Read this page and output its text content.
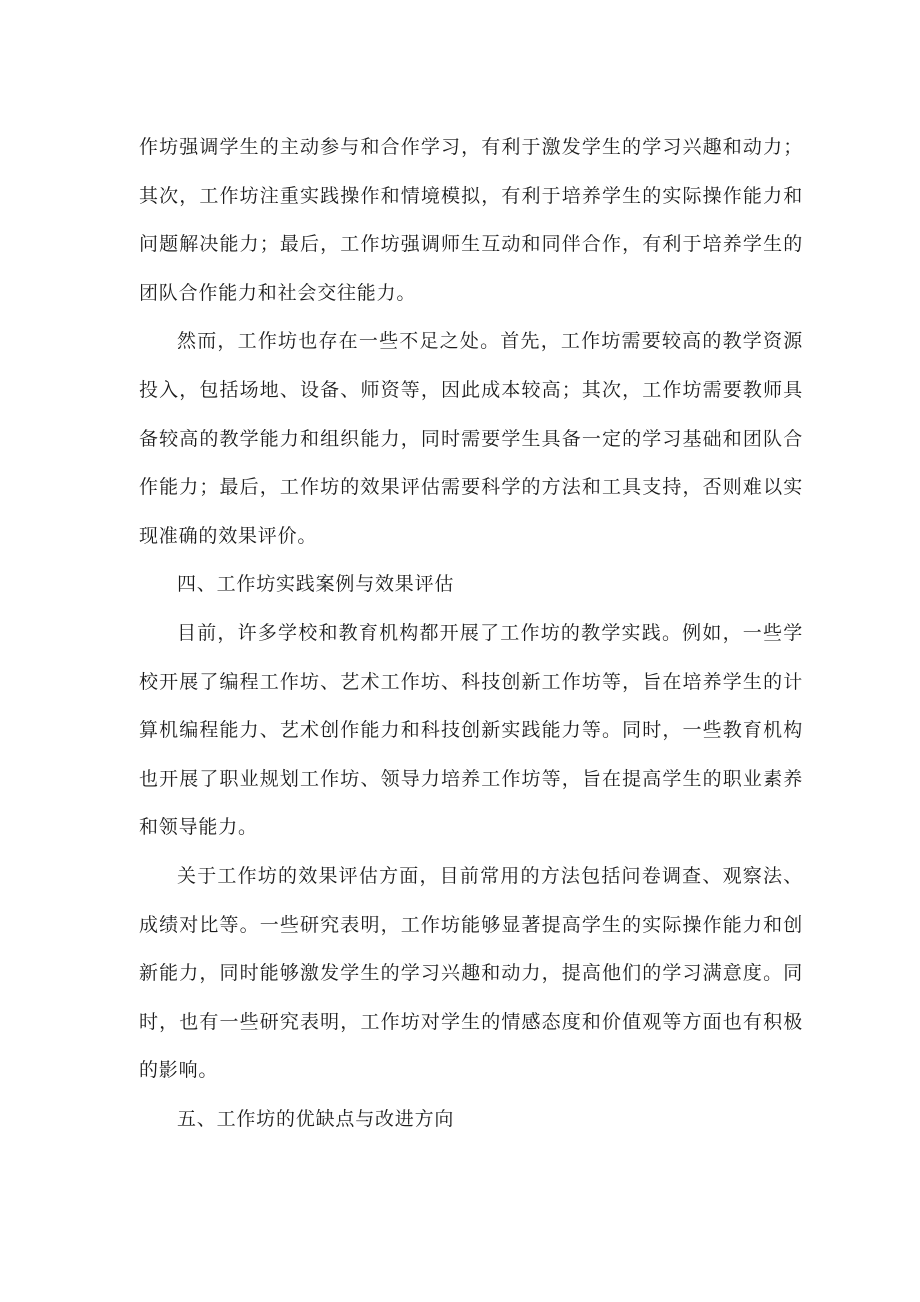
作坊强调学生的主动参与和合作学习，有利于激发学生的学习兴趣和动力；其次，工作坊注重实践操作和情境模拟，有利于培养学生的实际操作能力和问题解决能力；最后，工作坊强调师生互动和同伴合作，有利于培养学生的团队合作能力和社会交往能力。

然而，工作坊也存在一些不足之处。首先，工作坊需要较高的教学资源投入，包括场地、设备、师资等，因此成本较高；其次，工作坊需要教师具备较高的教学能力和组织能力，同时需要学生具备一定的学习基础和团队合作能力；最后，工作坊的效果评估需要科学的方法和工具支持，否则难以实现准确的效果评价。

四、工作坊实践案例与效果评估

目前，许多学校和教育机构都开展了工作坊的教学实践。例如，一些学校开展了编程工作坊、艺术工作坊、科技创新工作坊等，旨在培养学生的计算机编程能力、艺术创作能力和科技创新实践能力等。同时，一些教育机构也开展了职业规划工作坊、领导力培养工作坊等，旨在提高学生的职业素养和领导能力。

关于工作坊的效果评估方面，目前常用的方法包括问卷调查、观察法、成绩对比等。一些研究表明，工作坊能够显著提高学生的实际操作能力和创新能力，同时能够激发学生的学习兴趣和动力，提高他们的学习满意度。同时，也有一些研究表明，工作坊对学生的情感态度和价值观等方面也有积极的影响。

五、工作坊的优缺点与改进方向
